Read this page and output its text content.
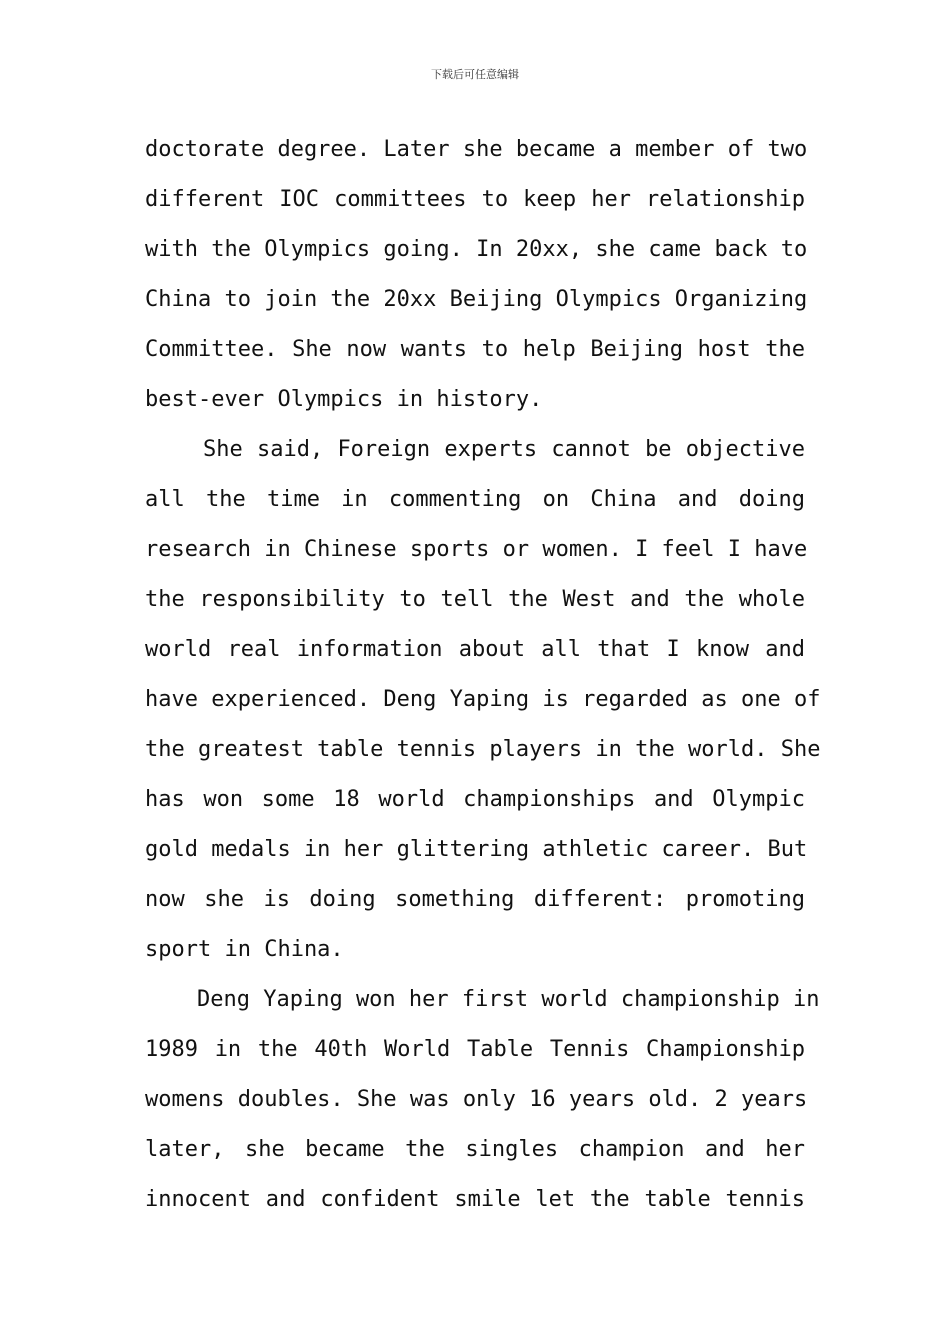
下载后可任意编辑
doctorate degree. Later she became a member of two
different IOC committees to keep her relationship
with the Olympics going. In 20xx, she came back to
China to join the 20xx Beijing Olympics Organizing
Committee. She now wants to help Beijing host the
best-ever Olympics in history.
She said, Foreign experts cannot be objective
all the time in commenting on China and doing
research in Chinese sports or women. I feel I have
the responsibility to tell the West and the whole
world real information about all that I know and
have experienced. Deng Yaping is regarded as one of
the greatest table tennis players in the world. She
has won some 18 world championships and Olympic
gold medals in her glittering athletic career. But
now she is doing something different: promoting
sport in China.
Deng Yaping won her first world championship in
1989 in the 40th World Table Tennis Championship
womens doubles. She was only 16 years old. 2 years
later, she became the singles champion and her
innocent and confident smile let the table tennis
